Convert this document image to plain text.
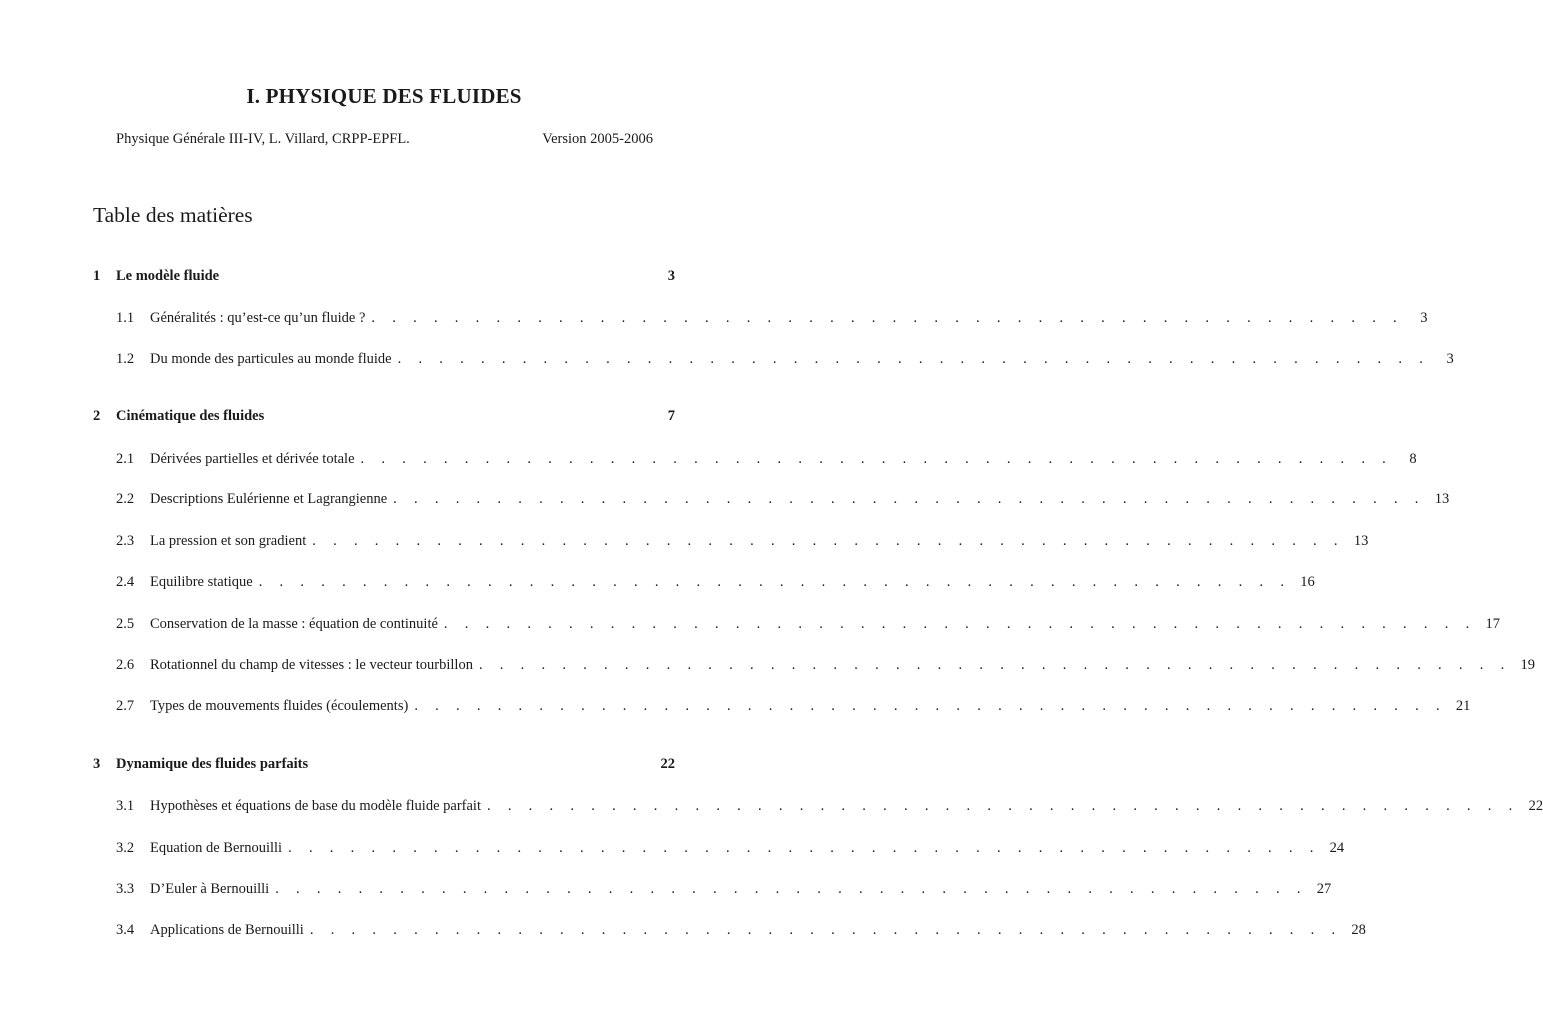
I. PHYSIQUE DES FLUIDES
Physique Générale III-IV, L. Villard, CRPP-EPFL.	Version 2005-2006
Table des matières
1	Le modèle fluide	3
1.1	Généralités : qu’est-ce qu’un fluide ? . . . . . . . . . . . . . . . . . . . . . . . . . . . . . . . . . . . . . . . . . . . . . . . . . .	3
1.2	Du monde des particules au monde fluide . . . . . . . . . . . . . . . . . . . . . . . . . . . . . . . . . . . . . . . . . . . . . . . . . .	3
2	Cinématique des fluides	7
2.1	Dérivées partielles et dérivée totale . . . . . . . . . . . . . . . . . . . . . . . . . . . . . . . . . . . . . . . . . . . . . . . . . .	8
2.2	Descriptions Eulérienne et Lagrangienne . . . . . . . . . . . . . . . . . . . . . . . . . . . . . . . . . . . . . . . . . . . . . . . . . . 13
2.3	La pression et son gradient . . . . . . . . . . . . . . . . . . . . . . . . . . . . . . . . . . . . . . . . . . . . . . . . . . 13
2.4	Equilibre statique . . . . . . . . . . . . . . . . . . . . . . . . . . . . . . . . . . . . . . . . . . . . . . . . . . 16
2.5	Conservation de la masse : équation de continuité . . . . . . . . . . . . . . . . . . . . . . . . . . . . . . . . . . . . . . . . . . . . . . . . . . 17
2.6	Rotationnel du champ de vitesses : le vecteur tourbillon . . . . . . . . . . . . . . . . . . . . . . . . . . . . . . . . . . . . . . . . . . . . . . . . . . 19
2.7	Types de mouvements fluides (écoulements) . . . . . . . . . . . . . . . . . . . . . . . . . . . . . . . . . . . . . . . . . . . . . . . . . . 21
3	Dynamique des fluides parfaits	22
3.1	Hypothèses et équations de base du modèle fluide parfait . . . . . . . . . . . . . . . . . . . . . . . . . . . . . . . . . . . . . . . . . . . . . . . . . . 22
3.2	Equation de Bernouilli . . . . . . . . . . . . . . . . . . . . . . . . . . . . . . . . . . . . . . . . . . . . . . . . . . 24
3.3	D’Euler à Bernouilli . . . . . . . . . . . . . . . . . . . . . . . . . . . . . . . . . . . . . . . . . . . . . . . . . . 27
3.4	Applications de Bernouilli . . . . . . . . . . . . . . . . . . . . . . . . . . . . . . . . . . . . . . . . . . . . . . . . . . 28
